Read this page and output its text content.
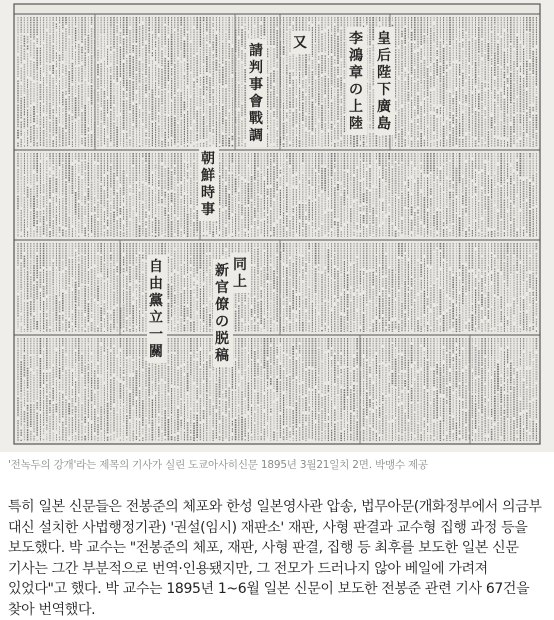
皇后陛下廣島
李鴻章の上陸
又
請判事會戰調
朝鮮時事
新官僚の脱稿
同上
自由黨立一關
'전녹두의 강개'라는 제목의 기사가 실린 도쿄아사히신문 1895년 3월21일치 2면. 박맹수 제공
특히 일본 신문들은 전봉준의 체포와 한성 일본영사관 압송, 법무아문(개화정부에서 의금부 대신 설치한 사법행정기관) '권설(임시) 재판소' 재판, 사형 판결과 교수형 집행 과정 등을 보도했다. 박 교수는 "전봉준의 체포, 재판, 사형 판결, 집행 등 최후를 보도한 일본 신문 기사는 그간 부분적으로 번역·인용됐지만, 그 전모가 드러나지 않아 베일에 가려져 있었다"고 했다. 박 교수는 1895년 1~6월 일본 신문이 보도한 전봉준 관련 기사 67건을 찾아 번역했다.
